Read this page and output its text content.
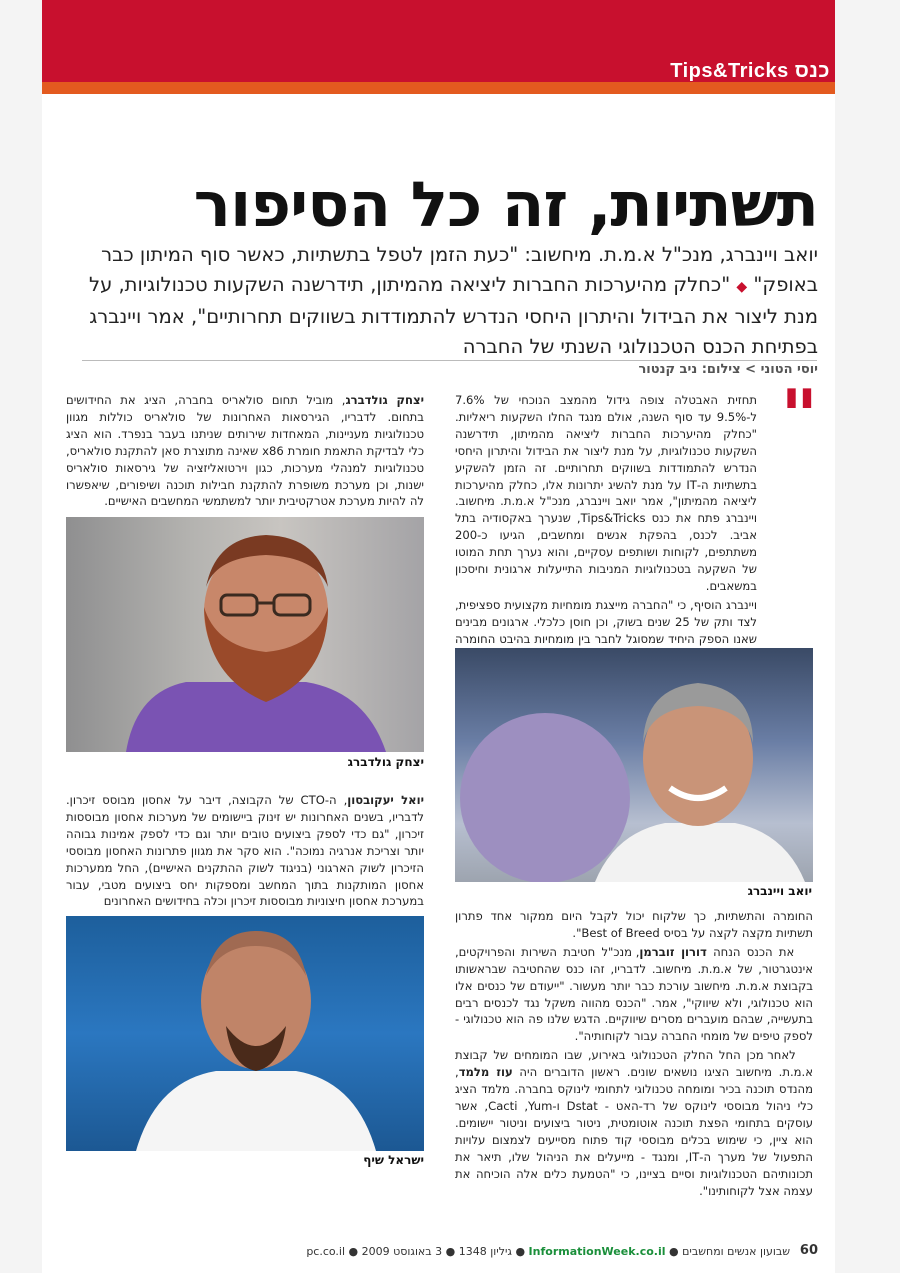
Tips&Tricks כנס
תשתיות, זה כל הסיפור
יואב ויינברג, מנכ"ל א.מ.ת. מיחשוב: "כעת הזמן לטפל בתשתיות, כאשר סוף המיתון כבר באופק" ◆ "כחלק מהיערכות החברות ליציאה מהמיתון, תידרשנה השקעות טכנולוגיות, על מנת ליצור את הבידול והיתרון היחסי הנדרש להתמודדות בשווקים תחרותיים", אמר ויינברג בפתיחת הכנס הטכנולוגי השנתי של החברה
יוסי הטוני > צילום: ניב קנטור
"

תחזית האבטלה צופה גידול מהמצב הנוכחי של 7.6% ל-9.5% עד סוף השנה, אולם מנגד החלו השקעות ריאליות. "כחלק מהיערכות החברות ליציאה מהמיתון, תידרשנה השקעות טכנולוגיות, על מנת ליצור את הבידול והיתרון היחסי הנדרש להתמודדות בשווקים תחרותיים. זה הזמן להשקיע בתשתיות ה-IT על מנת להשיג יתרונות אלו, כחלק מהיערכות ליציאה מהמיתון", אמר יואב ויינברג, מנכ"ל א.מ.ת. מיחשוב. ויינברג פתח את כנס Tips&Tricks, שנערך באקסודיה בתל אביב. לכנס, בהפקת אנשים ומחשבים, הגיעו כ-200 משתתפים, לקוחות ושותפים עסקיים, והוא נערך תחת המוטו של השקעה בטכנולוגיות המניבות התייעלות ארגונית וחיסכון במשאבים.

ויינברג הוסיף, כי "החברה מייצגת מומחיות מקצועית ספציפית, לצד ותק של 25 שנים בשוק, וכן חוסן כלכלי. ארגונים מבינים שאנו הספק היחיד שמסוגל לחבר בין מומחיות בהיבט החומרה

יצחק גולדברג, מוביל תחום סולאריס בחברה, הציג את החידושים בתחום. לדבריו, הגירסאות האחרונות של סולאריס כוללות מגוון טכנולוגיות מעניינות, המאחדות שירותים שניתנו בעבר בנפרד. הוא הציג כלי לבדיקת התאמת חומרת x86 שאינה מתוצרת סאן להתקנת סולאריס, טכנולוגיות למנהלי מערכות, כגון וירטואליזציה של גירסאות סולאריס ישנות, וכן מערכת משופרת להתקנת חבילות תוכנה ושיפורים, שיאפשרו לה להיות מערכת אטרקטיבית יותר למשתמשי המחשבים האישיים.

יצחק גולדברג
יואב ויינברג

יואל יעקובסון, ה-CTO של הקבוצה, דיבר על אחסון מבוסס זיכרון. לדבריו, בשנים האחרונות יש זינוק ביישומים של מערכות אחסון מבוססות זיכרון, "גם כדי לספק ביצועים טובים יותר וגם כדי לספק אמינות גבוהה יותר וצריכת אנרגיה נמוכה". הוא סקר את מגוון פתרונות האחסון מבוססי הזיכרון לשוק הארגוני (בניגוד לשוק ההתקנים האישיים), החל ממערכות אחסון המותקנות בתוך המחשב ומספקות יחס ביצועים מטבי, עבור במערכת אחסון חיצוניות מבוססות זיכרון וכלה בחידושים האחרונים

ישראל שיף

החומרה והתשתיות, כך שלקוח יכול לקבל היום ממקור אחד פתרון תשתיות מקצה לקצה על בסיס Best of Breed".

את הכנס הנחה דורון זוברמן, מנכ"ל חטיבת השירות והפרויקטים, אינטגרטור, של א.מ.ת. מיחשוב. לדבריו, זהו כנס שהחטיבה שבראשותו בקבוצת א.מ.ת. מיחשוב עורכת כבר יותר מעשור. "ייעודם של כנסים אלו הוא טכנולוגי, ולא שיווקי", אמר. "הכנס מהווה משקל נגד לכנסים רבים בתעשייה, שבהם מועברים מסרים שיווקיים. הדגש שלנו פה הוא טכנולוגי - לספק טיפים של מומחי החברה עבור לקוחותיה".

לאחר מכן החל החלק הטכנולוגי באירוע, שבו המומחים של קבוצת א.מ.ת. מיחשוב הציגו נושאים שונים. ראשון הדוברים היה עוז מלמד, מהנדס תוכנה בכיר ומומחה טכנולוגי לתחומי לינוקס בחברה. מלמד הציג כלי ניהול מבוססי לינוקס של רד-האט - Dstat ו-Cacti ,Yum, אשר עוסקים בתחומי הפצת תוכנה אוטומטית, ניטור ביצועים וניטור יישומים. הוא ציין, כי שימוש בכלים מבוססי קוד פתוח מסייעים לצמצום עלויות התפעול של מערך ה-IT, ומנגד - מייעלים את הניהול שלו, תיאר את תכונותיהם הטכנולוגיות וסיים בציינו, כי "הטמעת כלים אלה הוכיחה את עצמה אצל לקוחותינו".

60
שבועון אנשים ומחשבים ● InformationWeek.co.il ● גיליון 1348 ● 3 באוגוסט 2009 ● pc.co.il
